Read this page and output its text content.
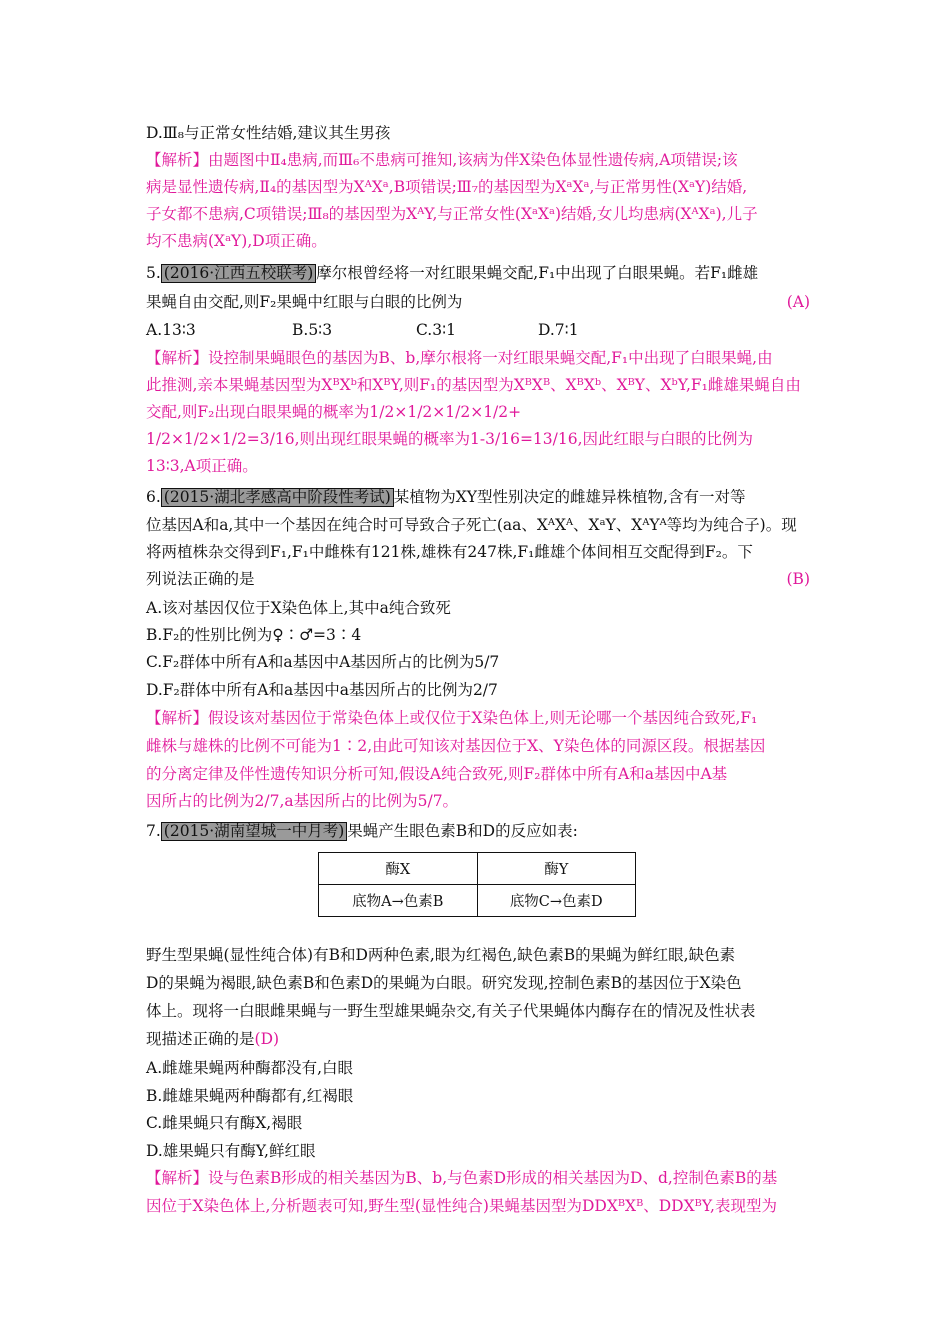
D.Ⅲ₈与正常女性结婚,建议其生男孩
【解析】由题图中Ⅱ₄患病,而Ⅲ₆不患病可推知,该病为伴X染色体显性遗传病,A项错误;该
病是显性遗传病,Ⅱ₄的基因型为XᴬXᵃ,B项错误;Ⅲ₇的基因型为XᵃXᵃ,与正常男性(XᵃY)结婚,
子女都不患病,C项错误;Ⅲ₈的基因型为XᴬY,与正常女性(XᵃXᵃ)结婚,女儿均患病(XᴬXᵃ),儿子
均不患病(XᵃY),D项正确。
5. (2016·江西五校联考) 摩尔根曾经将一对红眼果蝇交配,F₁中出现了白眼果蝇。若F₁雌雄
果蝇自由交配,则F₂果蝇中红眼与白眼的比例为	(A)
A.13∶3	B.5∶3	C.3∶1	D.7∶1
【解析】设控制果蝇眼色的基因为B、b,摩尔根将一对红眼果蝇交配,F₁中出现了白眼果蝇,由
此推测,亲本果蝇基因型为XᴮXᵇ和XᴮY,则F₁的基因型为XᴮXᴮ、XᴮXᵇ、XᴮY、XᵇY,F₁雌雄果蝇自由
交配,则F₂出现白眼果蝇的概率为1/2×1/2×1/2×1/2+
1/2×1/2×1/2=3/16,则出现红眼果蝇的概率为1-3/16=13/16,因此红眼与白眼的比例为
13∶3,A项正确。
6. (2015·湖北孝感高中阶段性考试) 某植物为XY型性别决定的雌雄异株植物,含有一对等
位基因A和a,其中一个基因在纯合时可导致合子死亡(aa、XᴬXᴬ、XᵃY、XᴬYᴬ等均为纯合子)。现
将两植株杂交得到F₁,F₁中雌株有121株,雄株有247株,F₁雌雄个体间相互交配得到F₂。下
列说法正确的是	(B)
A.该对基因仅位于X染色体上,其中a纯合致死
B.F₂的性别比例为♀∶♂=3∶4
C.F₂群体中所有A和a基因中A基因所占的比例为5/7
D.F₂群体中所有A和a基因中a基因所占的比例为2/7
【解析】假设该对基因位于常染色体上或仅位于X染色体上,则无论哪一个基因纯合致死,F₁
雌株与雄株的比例不可能为1∶2,由此可知该对基因位于X、Y染色体的同源区段。根据基因
的分离定律及伴性遗传知识分析可知,假设A纯合致死,则F₂群体中所有A和a基因中A基
因所占的比例为2/7,a基因所占的比例为5/7。
7. (2015·湖南望城一中月考) 果蝇产生眼色素B和D的反应如表:
酶X	酶Y
底物A→色素B	底物C→色素D
野生型果蝇(显性纯合体)有B和D两种色素,眼为红褐色,缺色素B的果蝇为鲜红眼,缺色素
D的果蝇为褐眼,缺色素B和色素D的果蝇为白眼。研究发现,控制色素B的基因位于X染色
体上。现将一白眼雌果蝇与一野生型雄果蝇杂交,有关子代果蝇体内酶存在的情况及性状表
现描述正确的是(D)
A.雌雄果蝇两种酶都没有,白眼
B.雌雄果蝇两种酶都有,红褐眼
C.雌果蝇只有酶X,褐眼
D.雄果蝇只有酶Y,鲜红眼
【解析】设与色素B形成的相关基因为B、b,与色素D形成的相关基因为D、d,控制色素B的基
因位于X染色体上,分析题表可知,野生型(显性纯合)果蝇基因型为DDXᴮXᴮ、DDXᴮY,表现型为
